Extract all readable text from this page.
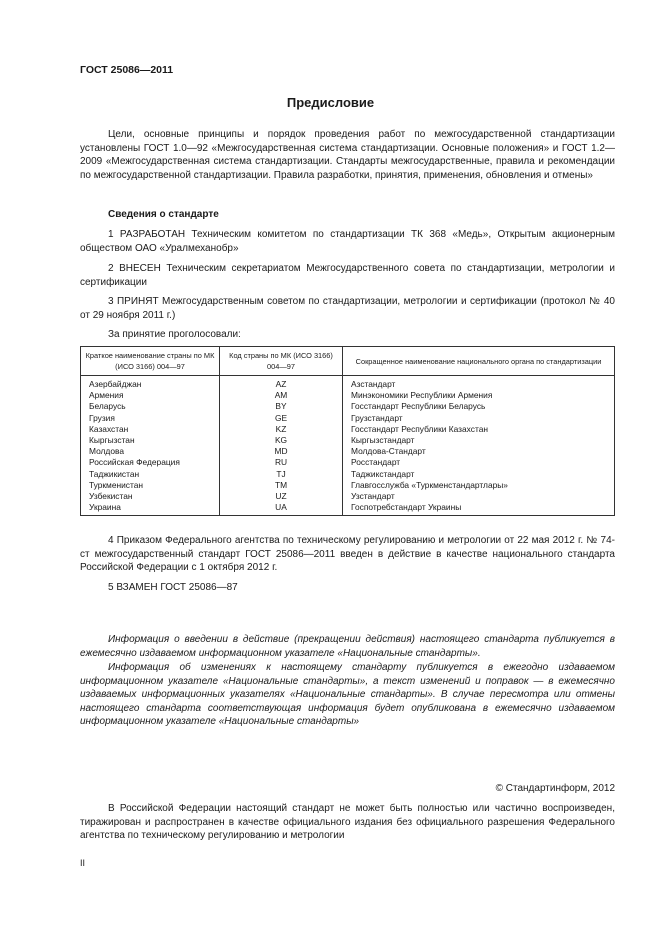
ГОСТ 25086—2011
Предисловие

Цели, основные принципы и порядок проведения работ по межгосударственной стандартизации установлены ГОСТ 1.0—92 «Межгосударственная система стандартизации. Основные положения» и ГОСТ 1.2—2009 «Межгосударственная система стандартизации. Стандарты межгосударственные, правила и рекомендации по межгосударственной стандартизации. Правила разработки, принятия, применения, обновления и отмены»

Сведения о стандарте

1 РАЗРАБОТАН Техническим комитетом по стандартизации ТК 368 «Медь», Открытым акционерным обществом ОАО «Уралмеханобр»

2 ВНЕСЕН Техническим секретариатом Межгосударственного совета по стандартизации, метрологии и сертификации

3 ПРИНЯТ Межгосударственным советом по стандартизации, метрологии и сертификации (протокол № 40 от 29 ноября 2011 г.)

За принятие проголосовали:

Краткое наименование страны по МК (ИСО 3166) 004—97	Код страны по МК (ИСО 3166) 004—97	Сокращенное наименование национального органа по стандартизации
Азербайджан	AZ	Азстандарт
Армения	AM	Минэкономики Республики Армения
Беларусь	BY	Госстандарт Республики Беларусь
Грузия	GE	Грузстандарт
Казахстан	KZ	Госстандарт Республики Казахстан
Кыргызстан	KG	Кыргызстандарт
Молдова	MD	Молдова-Стандарт
Российская Федерация	RU	Росстандарт
Таджикистан	TJ	Таджикстандарт
Туркменистан	TM	Главгосслужба «Туркменстандартлары»
Узбекистан	UZ	Узстандарт
Украина	UA	Госпотребстандарт Украины

4 Приказом Федерального агентства по техническому регулированию и метрологии от 22 мая 2012 г. № 74-ст межгосударственный стандарт ГОСТ 25086—2011 введен в действие в качестве национального стандарта Российской Федерации с 1 октября 2012 г.

5 ВЗАМЕН ГОСТ 25086—87

Информация о введении в действие (прекращении действия) настоящего стандарта публикуется в ежемесячно издаваемом информационном указателе «Национальные стандарты».

Информация об изменениях к настоящему стандарту публикуется в ежегодно издаваемом информационном указателе «Национальные стандарты», а текст изменений и поправок — в ежемесячно издаваемых информационных указателях «Национальные стандарты». В случае пересмотра или отмены настоящего стандарта соответствующая информация будет опубликована в ежемесячно издаваемом информационном указателе «Национальные стандарты»

© Стандартинформ, 2012

В Российской Федерации настоящий стандарт не может быть полностью или частично воспроизведен, тиражирован и распространен в качестве официального издания без официального разрешения Федерального агентства по техническому регулированию и метрологии

II
